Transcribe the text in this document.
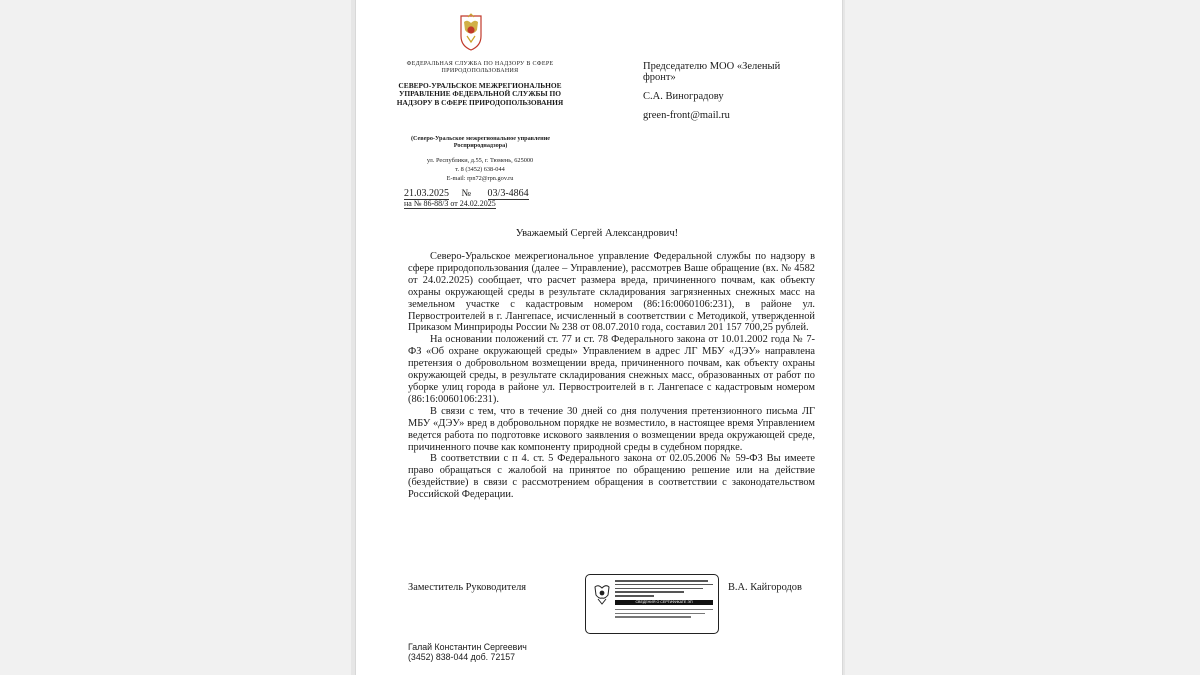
ФЕДЕРАЛЬНАЯ СЛУЖБА ПО НАДЗОРУ В СФЕРЕ ПРИРОДОПОЛЬЗОВАНИЯ
СЕВЕРО-УРАЛЬСКОЕ МЕЖРЕГИОНАЛЬНОЕ УПРАВЛЕНИЕ ФЕДЕРАЛЬНОЙ СЛУЖБЫ ПО НАДЗОРУ В СФЕРЕ ПРИРОДОПОЛЬЗОВАНИЯ
(Северо-Уральское межрегиональное управление Росприроднадзора)
ул. Республики, д.55, г. Тюмень, 625000
т. 8 (3452) 638-044
E-mail: rpn72@rpn.gov.ru
21.03.2025 № 03/3-4864
на № 86-88/3 от 24.02.2025
Председателю МОО «Зеленый фронт»
С.А. Виноградову
green-front@mail.ru
Уважаемый Сергей Александрович!

Северо-Уральское межрегиональное управление Федеральной службы по надзору в сфере природопользования (далее – Управление), рассмотрев Ваше обращение (вх. № 4582 от 24.02.2025) сообщает, что расчет размера вреда, причиненного почвам, как объекту охраны окружающей среды в результате складирования загрязненных снежных масс на земельном участке с кадастровым номером (86:16:0060106:231), в районе ул. Первостроителей в г. Лангепасе, исчисленный в соответствии с Методикой, утвержденной Приказом Минприроды России № 238 от 08.07.2010 года, составил 201 157 700,25 рублей.

На основании положений ст. 77 и ст. 78 Федерального закона от 10.01.2002 года № 7-ФЗ «Об охране окружающей среды» Управлением в адрес ЛГ МБУ «ДЭУ» направлена претензия о добровольном возмещении вреда, причиненного почвам, как объекту охраны окружающей среды, в результате складирования снежных масс, образованных от работ по уборке улиц города в районе ул. Первостроителей в г. Лангепасе с кадастровым номером (86:16:0060106:231).

В связи с тем, что в течение 30 дней со дня получения претензионного письма ЛГ МБУ «ДЭУ» вред в добровольном порядке не возместило, в настоящее время Управлением ведется работа по подготовке искового заявления о возмещении вреда окружающей среде, причиненного почве как компоненту природной среды в судебном порядке.

В соответствии с п 4. ст. 5 Федерального закона от 02.05.2006 № 59-ФЗ Вы имеете право обращаться с жалобой на принятое по обращению решение или на действие (бездействие) в связи с рассмотрением обращения в соответствии с законодательством Российской Федерации.

Заместитель Руководителя
СВЕДЕНИЯ О СЕРТИФИКАТЕ ЭП
В.А. Кайгородов
Галай Константин Сергеевич
(3452) 838-044 доб. 72157
